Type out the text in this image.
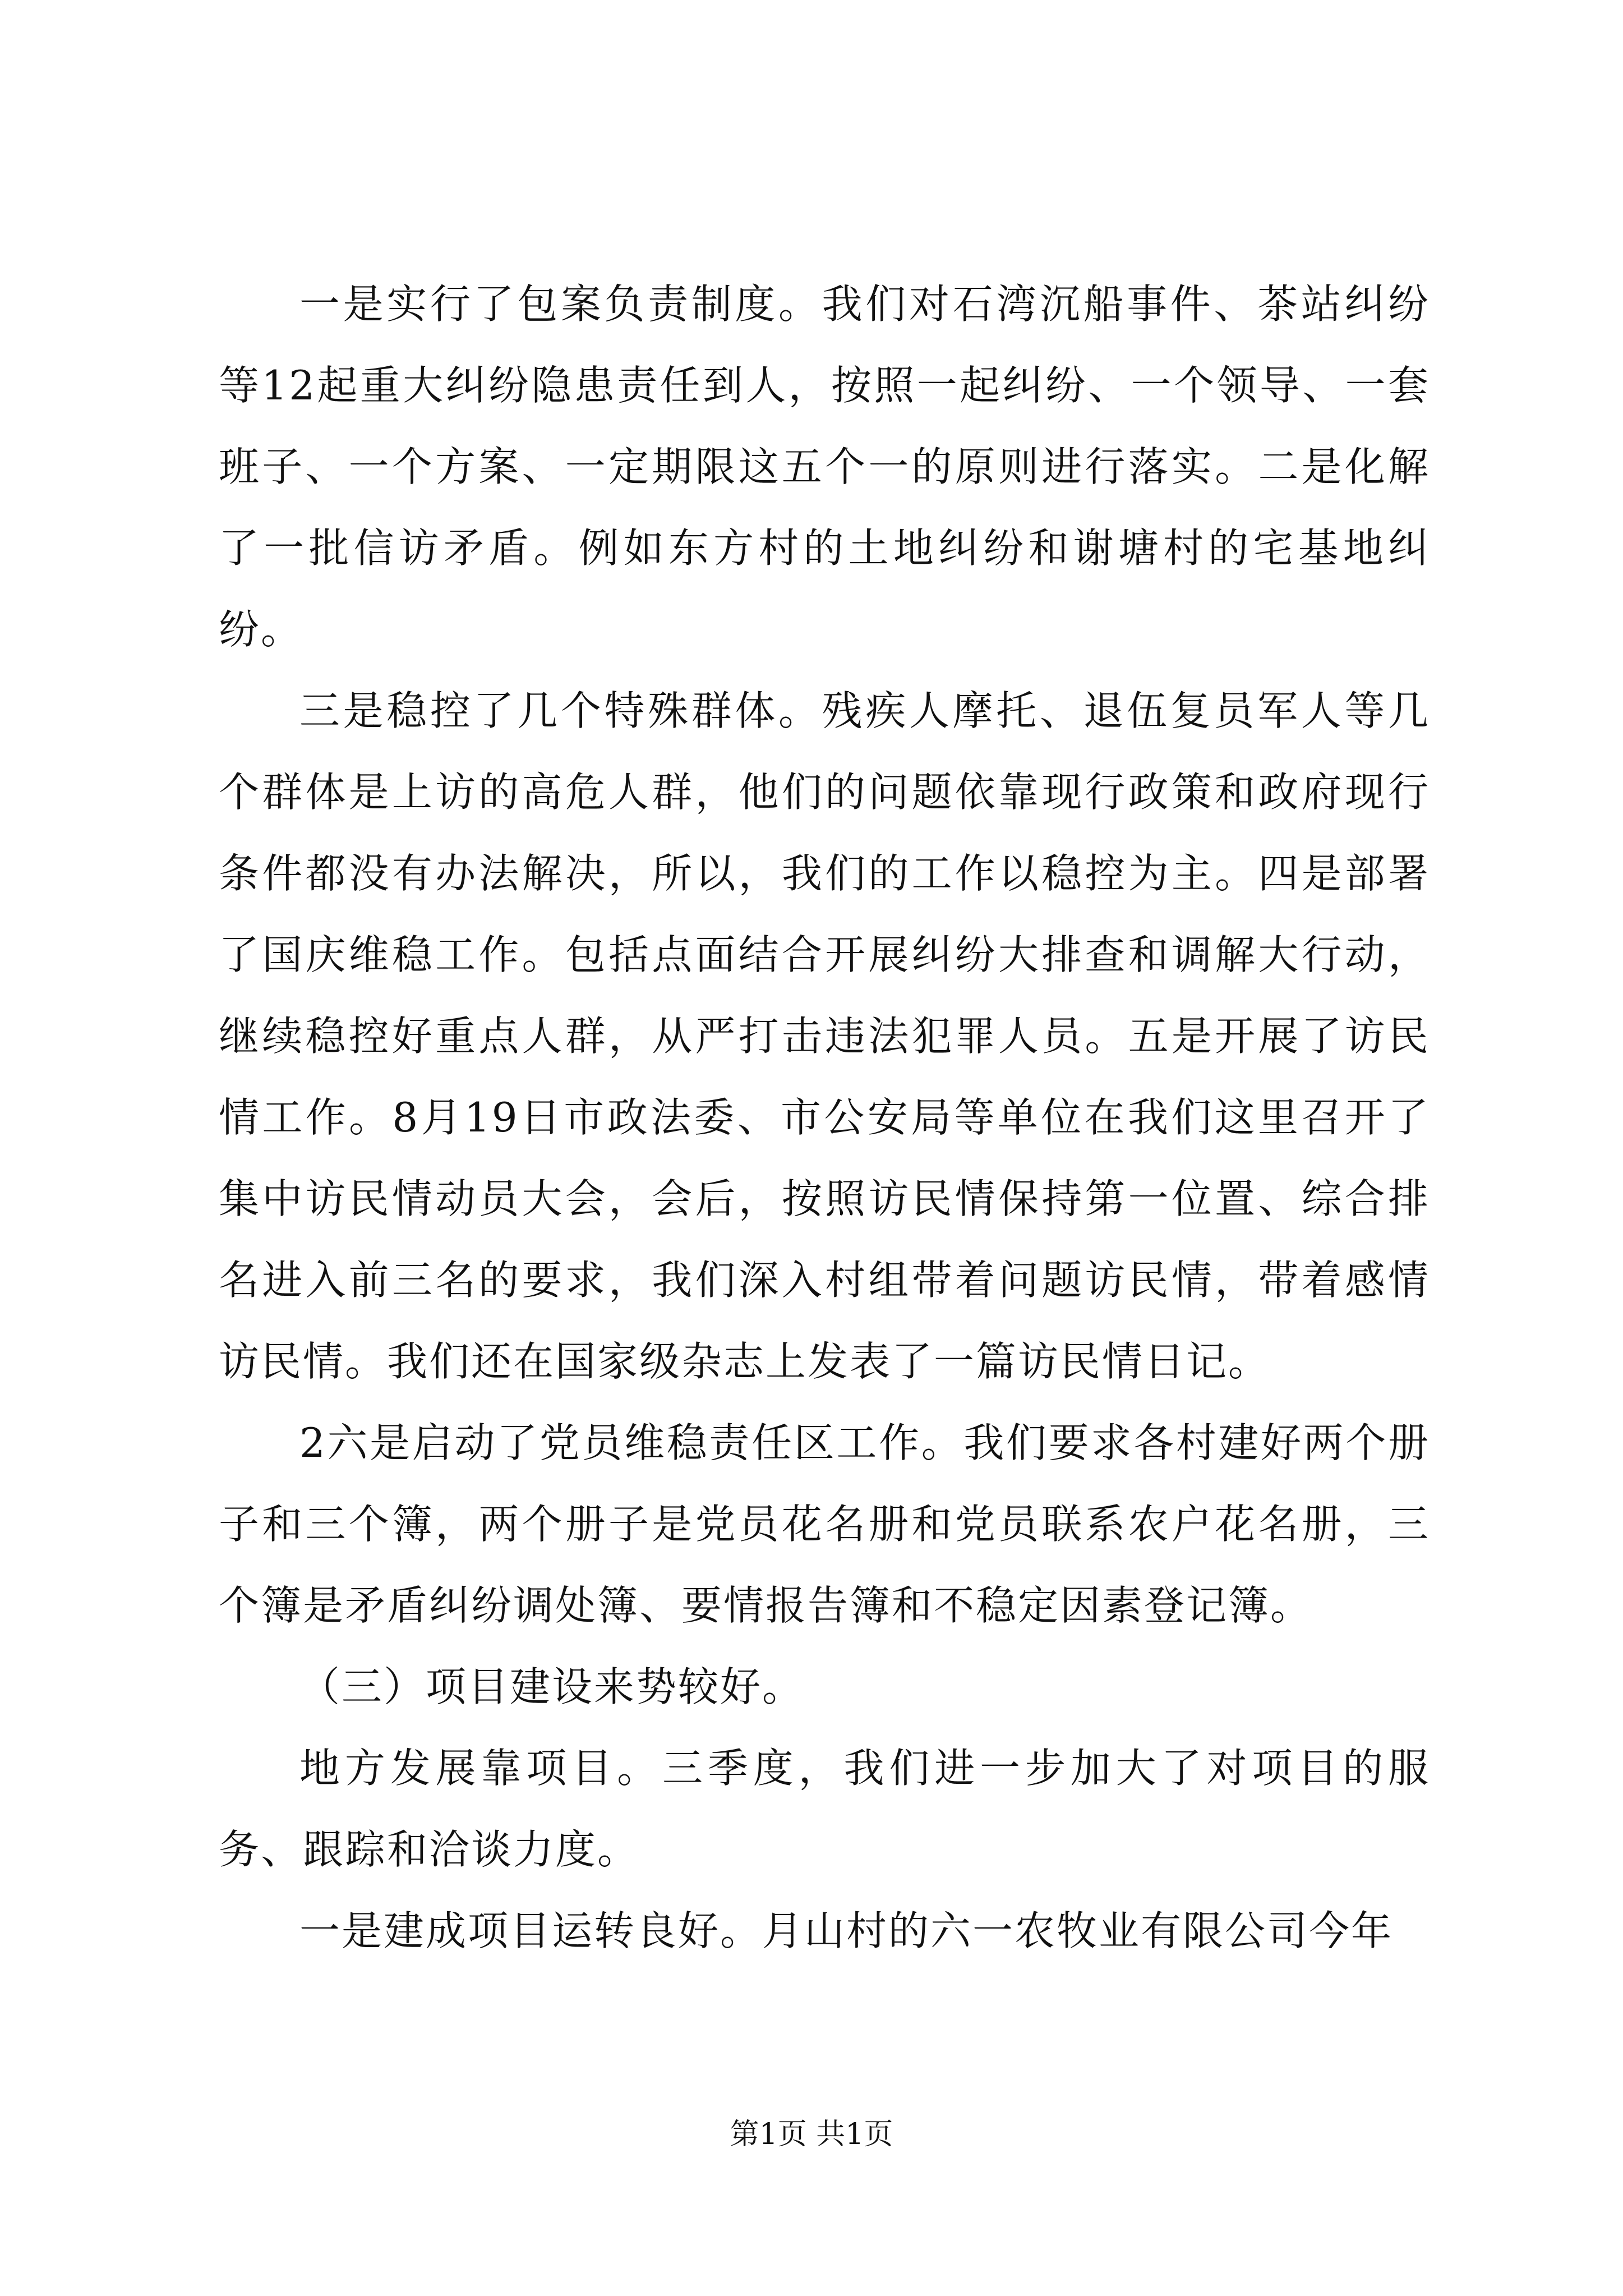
一是实行了包案负责制度。我们对石湾沉船事件、茶站纠纷等12起重大纠纷隐患责任到人，按照一起纠纷、一个领导、一套班子、一个方案、一定期限这五个一的原则进行落实。二是化解了一批信访矛盾。例如东方村的土地纠纷和谢塘村的宅基地纠纷。

三是稳控了几个特殊群体。残疾人摩托、退伍复员军人等几个群体是上访的高危人群，他们的问题依靠现行政策和政府现行条件都没有办法解决，所以，我们的工作以稳控为主。四是部署了国庆维稳工作。包括点面结合开展纠纷大排查和调解大行动，继续稳控好重点人群，从严打击违法犯罪人员。五是开展了访民情工作。8月19日市政法委、市公安局等单位在我们这里召开了集中访民情动员大会，会后，按照访民情保持第一位置、综合排名进入前三名的要求，我们深入村组带着问题访民情，带着感情访民情。我们还在国家级杂志上发表了一篇访民情日记。

2六是启动了党员维稳责任区工作。我们要求各村建好两个册子和三个簿，两个册子是党员花名册和党员联系农户花名册，三个簿是矛盾纠纷调处簿、要情报告簿和不稳定因素登记簿。

（三）项目建设来势较好。

地方发展靠项目。三季度，我们进一步加大了对项目的服务、跟踪和洽谈力度。

一是建成项目运转良好。月山村的六一农牧业有限公司今年

第1页 共1页
